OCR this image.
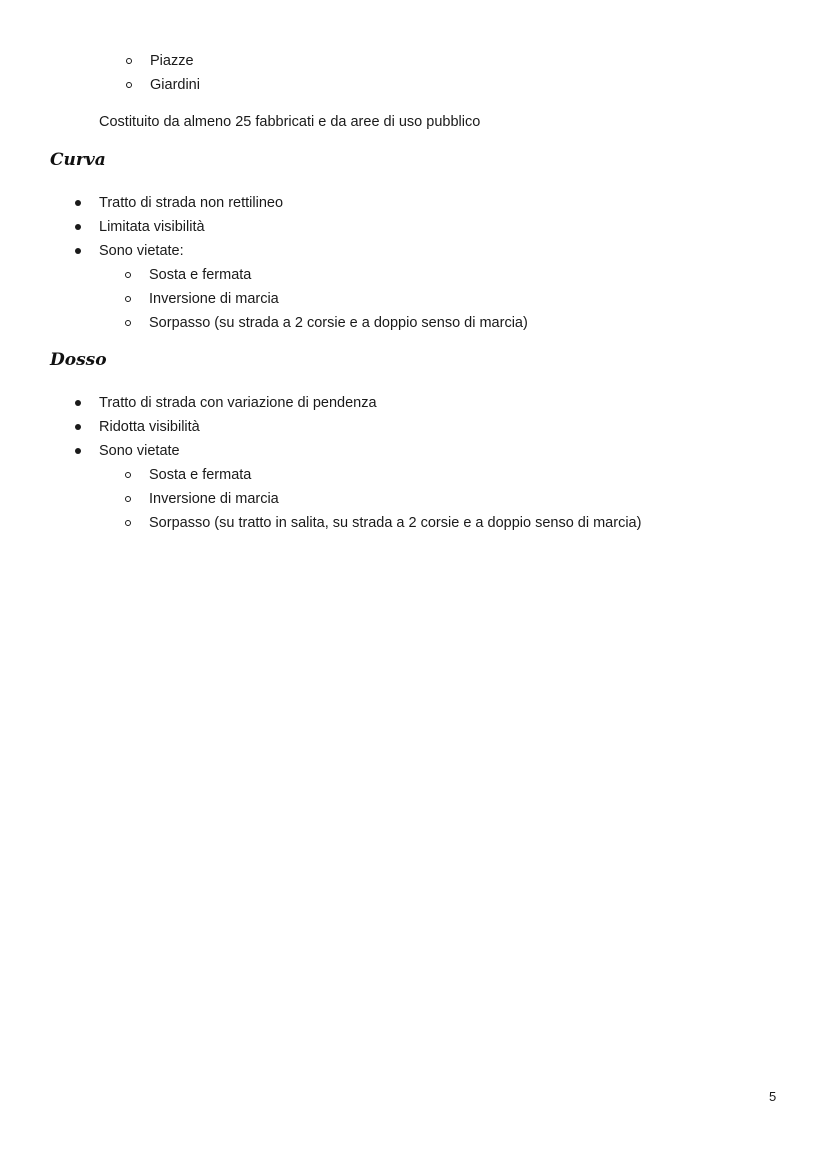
Piazze
Giardini
Costituito da almeno 25 fabbricati e da aree di uso pubblico
Curva
Tratto di strada non rettilineo
Limitata visibilità
Sono vietate:
Sosta e fermata
Inversione di marcia
Sorpasso (su strada a 2 corsie e a doppio senso di marcia)
Dosso
Tratto di strada con variazione di pendenza
Ridotta visibilità
Sono vietate
Sosta e fermata
Inversione di marcia
Sorpasso (su tratto in salita, su strada a 2 corsie e a doppio senso di marcia)
5
